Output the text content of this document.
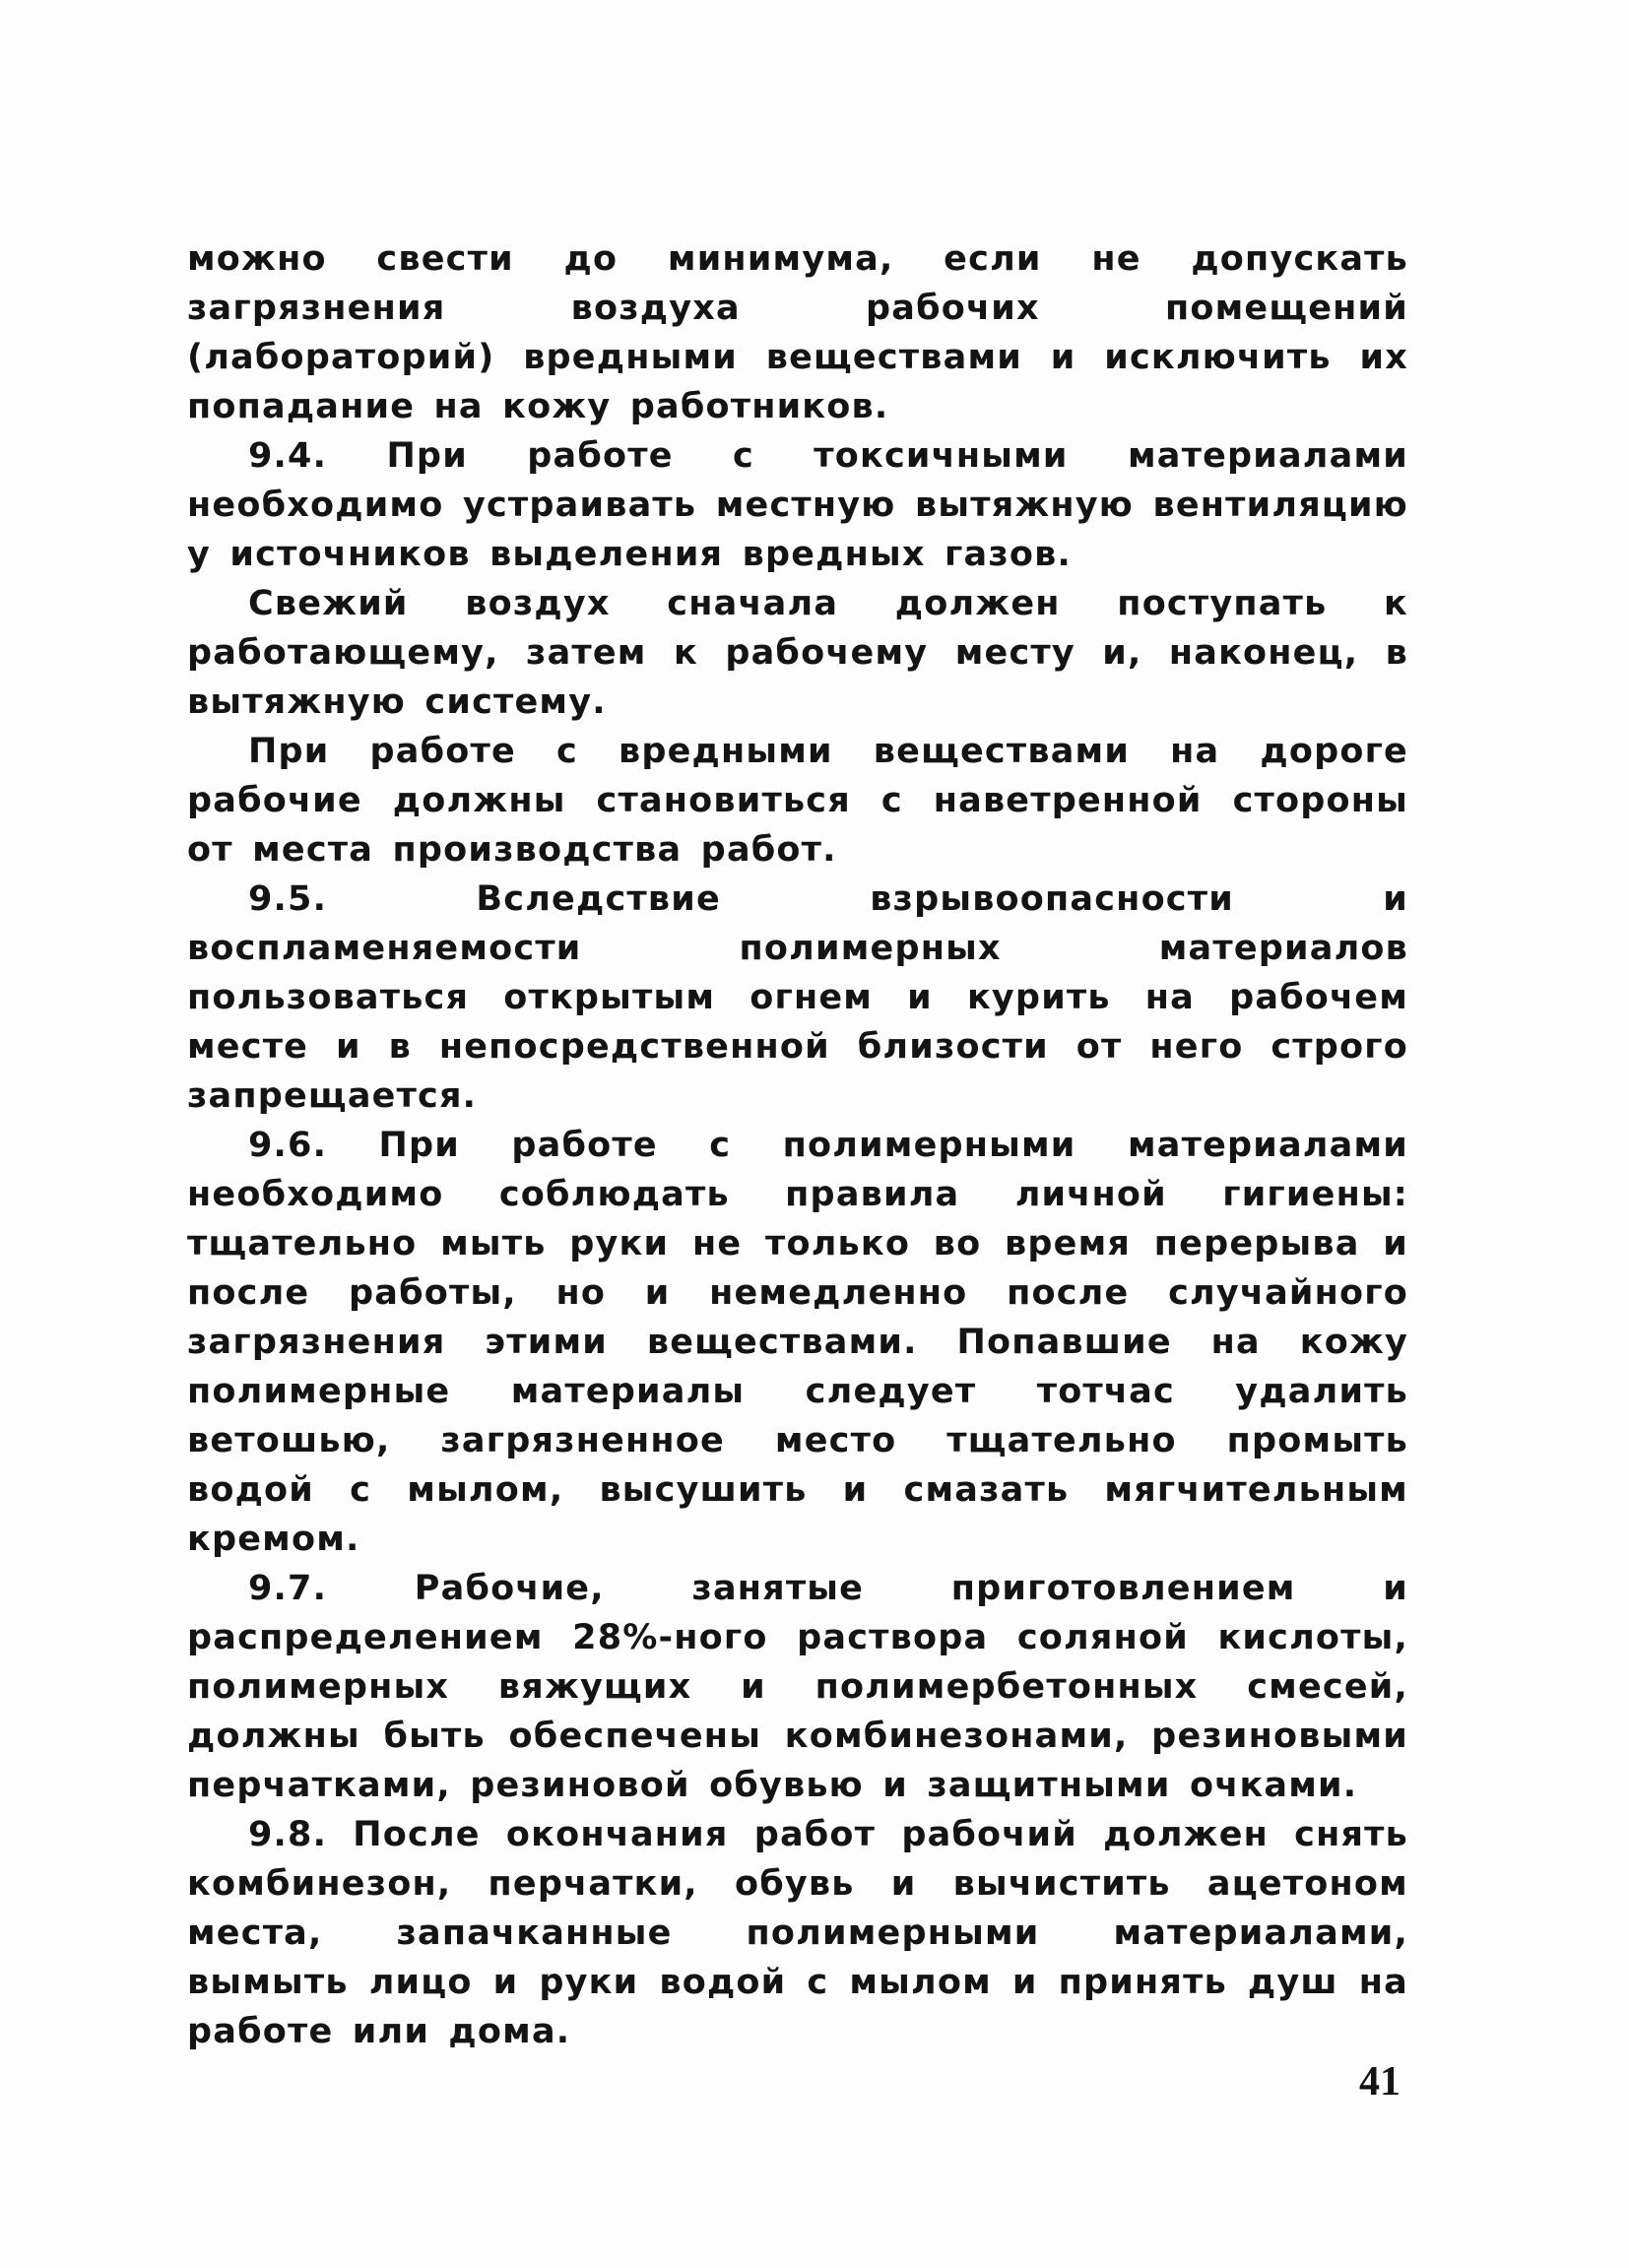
можно свести до минимума, если не допускать загрязнения воздуха рабочих помещений (лабораторий) вредными веществами и исключить их попадание на кожу работников.

9.4. При работе с токсичными материалами необходимо устраивать местную вытяжную вентиляцию у источников выделения вредных газов.

Свежий воздух сначала должен поступать к работающему, затем к рабочему месту и, наконец, в вытяжную систему.

При работе с вредными веществами на дороге рабочие должны становиться с наветренной стороны от места производства работ.

9.5. Вследствие взрывоопасности и воспламеняемости полимерных материалов пользоваться открытым огнем и курить на рабочем месте и в непосредственной близости от него строго запрещается.

9.6. При работе с полимерными материалами необходимо соблюдать правила личной гигиены: тщательно мыть руки не только во время перерыва и после работы, но и немедленно после случайного загрязнения этими веществами. Попавшие на кожу полимерные материалы следует тотчас удалить ветошью, загрязненное место тщательно промыть водой с мылом, высушить и смазать мягчительным кремом.

9.7. Рабочие, занятые приготовлением и распределением 28%-ного раствора соляной кислоты, полимерных вяжущих и полимербетонных смесей, должны быть обеспечены комбинезонами, резиновыми перчатками, резиновой обувью и защитными очками.

9.8. После окончания работ рабочий должен снять комбинезон, перчатки, обувь и вычистить ацетоном места, запачканные полимерными материалами, вымыть лицо и руки водой с мылом и принять душ на работе или дома.

41
